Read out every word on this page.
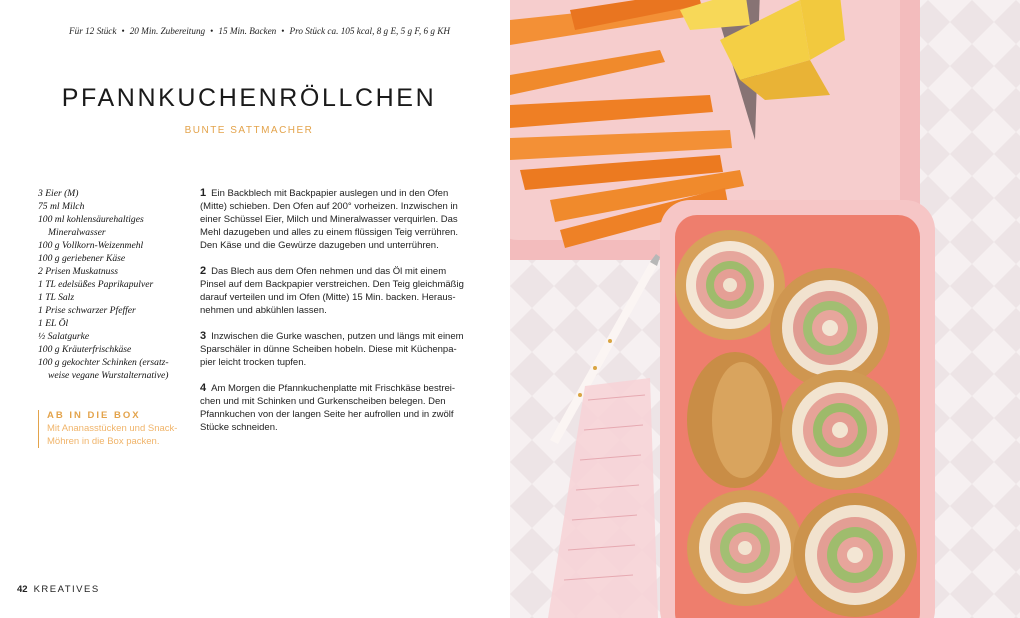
Für 12 Stück • 20 Min. Zubereitung • 15 Min. Backen • Pro Stück ca. 105 kcal, 8 g E, 5 g F, 6 g KH
PFANNKUCHENRÖLLCHEN
BUNTE SATTMACHER
3 Eier (M)
75 ml Milch
100 ml kohlensäurehaltiges
Mineralwasser
100 g Vollkorn-Weizenmehl
100 g geriebener Käse
2 Prisen Muskatnuss
1 TL edelsüßes Paprikapulver
1 TL Salz
1 Prise schwarzer Pfeffer
1 EL Öl
½ Salatgurke
100 g Kräuterfrischkäse
100 g gekochter Schinken (ersatz-
weise vegane Wurstalternative)
AB IN DIE BOX
Mit Ananasstücken und Snack-
Möhren in die Box packen.
1 Ein Backblech mit Backpapier auslegen und in den Ofen
(Mitte) schieben. Den Ofen auf 200° vorheizen. Inzwischen in
einer Schüssel Eier, Milch und Mineralwasser verquirlen. Das
Mehl dazugeben und alles zu einem flüssigen Teig verrühren.
Den Käse und die Gewürze dazugeben und unterrühren.
2 Das Blech aus dem Ofen nehmen und das Öl mit einem
Pinsel auf dem Backpapier verstreichen. Den Teig gleichmäßig
darauf verteilen und im Ofen (Mitte) 15 Min. backen. Heraus-
nehmen und abkühlen lassen.
3 Inzwischen die Gurke waschen, putzen und längs mit einem
Sparschäler in dünne Scheiben hobeln. Diese mit Küchenpa-
pier leicht trocken tupfen.
4 Am Morgen die Pfannkuchenplatte mit Frischkäse bestrei-
chen und mit Schinken und Gurkenscheiben belegen. Den
Pfannkuchen von der langen Seite her aufrollen und in zwölf
Stücke schneiden.
42 KREATIVES
